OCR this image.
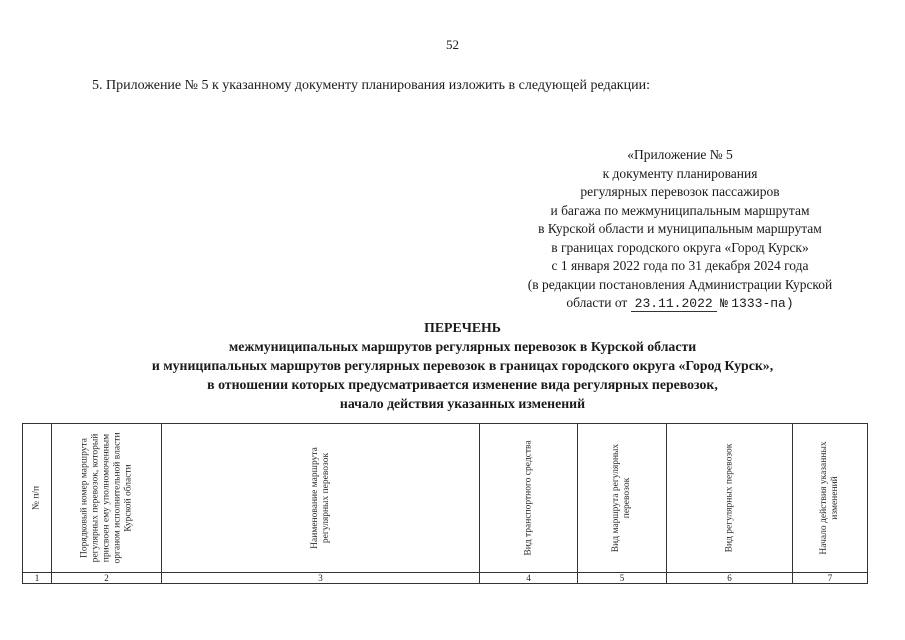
52
5. Приложение № 5 к указанному документу планирования изложить в следующей редакции:
«Приложение № 5
к документу планирования
регулярных перевозок пассажиров
и багажа по межмуниципальным маршрутам
в Курской области и муниципальным маршрутам
в границах городского округа «Город Курск»
с 1 января 2022 года по 31 декабря 2024 года
(в редакции постановления Администрации Курской
области от 23.11.2022 № 1333-па)
ПЕРЕЧЕНЬ
межмуниципальных маршрутов регулярных перевозок в Курской области
и муниципальных маршрутов регулярных перевозок в границах городского округа «Город Курск»,
в отношении которых предусматривается изменение вида регулярных перевозок,
начало действия указанных изменений
№ п/п	Порядковый номер маршрута регулярных перевозок, который присвоен ему уполномоченным органом исполнительной власти Курской области	Наименование маршрута регулярных перевозок	Вид транспортного средства	Вид маршрута регулярных перевозок	Вид регулярных перевозок	Начало действия указанных изменений

1	2	3	4	5	6	7
